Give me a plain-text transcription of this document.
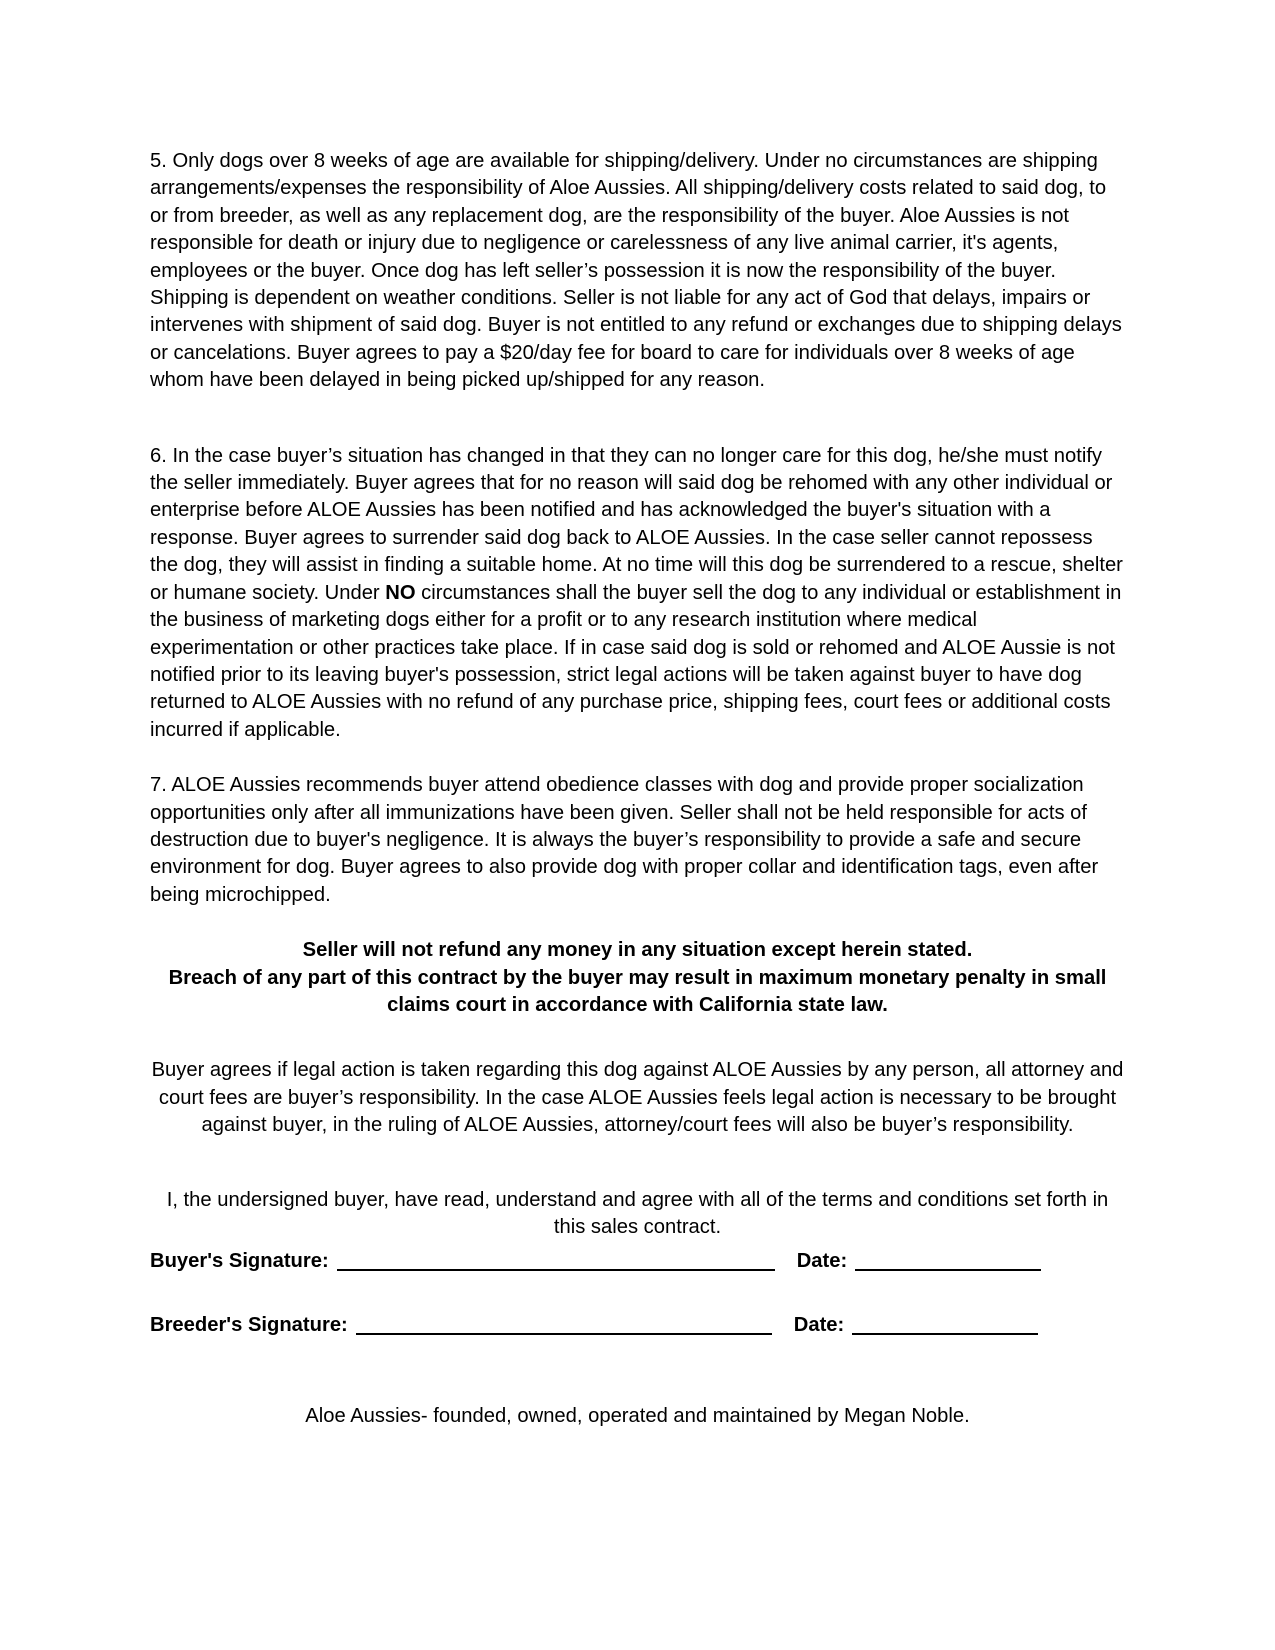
5. Only dogs over 8 weeks of age are available for shipping/delivery. Under no circumstances are shipping arrangements/expenses the responsibility of Aloe Aussies. All shipping/delivery costs related to said dog, to or from breeder, as well as any replacement dog, are the responsibility of the buyer. Aloe Aussies is not responsible for death or injury due to negligence or carelessness of any live animal carrier, it's agents, employees or the buyer. Once dog has left seller’s possession it is now the responsibility of the buyer. Shipping is dependent on weather conditions. Seller is not liable for any act of God that delays, impairs or intervenes with shipment of said dog. Buyer is not entitled to any refund or exchanges due to shipping delays or cancelations. Buyer agrees to pay a $20/day fee for board to care for individuals over 8 weeks of age whom have been delayed in being picked up/shipped for any reason.

6. In the case buyer’s situation has changed in that they can no longer care for this dog, he/she must notify the seller immediately. Buyer agrees that for no reason will said dog be rehomed with any other individual or enterprise before ALOE Aussies has been notified and has acknowledged the buyer's situation with a response. Buyer agrees to surrender said dog back to ALOE Aussies. In the case seller cannot repossess the dog, they will assist in finding a suitable home. At no time will this dog be surrendered to a rescue, shelter or humane society. Under NO circumstances shall the buyer sell the dog to any individual or establishment in the business of marketing dogs either for a profit or to any research institution where medical experimentation or other practices take place. If in case said dog is sold or rehomed and ALOE Aussie is not notified prior to its leaving buyer's possession, strict legal actions will be taken against buyer to have dog returned to ALOE Aussies with no refund of any purchase price, shipping fees, court fees or additional costs incurred if applicable.

7. ALOE Aussies recommends buyer attend obedience classes with dog and provide proper socialization opportunities only after all immunizations have been given. Seller shall not be held responsible for acts of destruction due to buyer's negligence. It is always the buyer’s responsibility to provide a safe and secure environment for dog. Buyer agrees to also provide dog with proper collar and identification tags, even after being microchipped.

Seller will not refund any money in any situation except herein stated.
Breach of any part of this contract by the buyer may result in maximum monetary penalty in small claims court in accordance with California state law.

Buyer agrees if legal action is taken regarding this dog against ALOE Aussies by any person, all attorney and court fees are buyer’s responsibility. In the case ALOE Aussies feels legal action is necessary to be brought against buyer, in the ruling of ALOE Aussies, attorney/court fees will also be buyer’s responsibility.

I, the undersigned buyer, have read, understand and agree with all of the terms and conditions set forth in this sales contract.

Buyer's Signature:	Date:
Breeder's Signature:	Date:

Aloe Aussies- founded, owned, operated and maintained by Megan Noble.
